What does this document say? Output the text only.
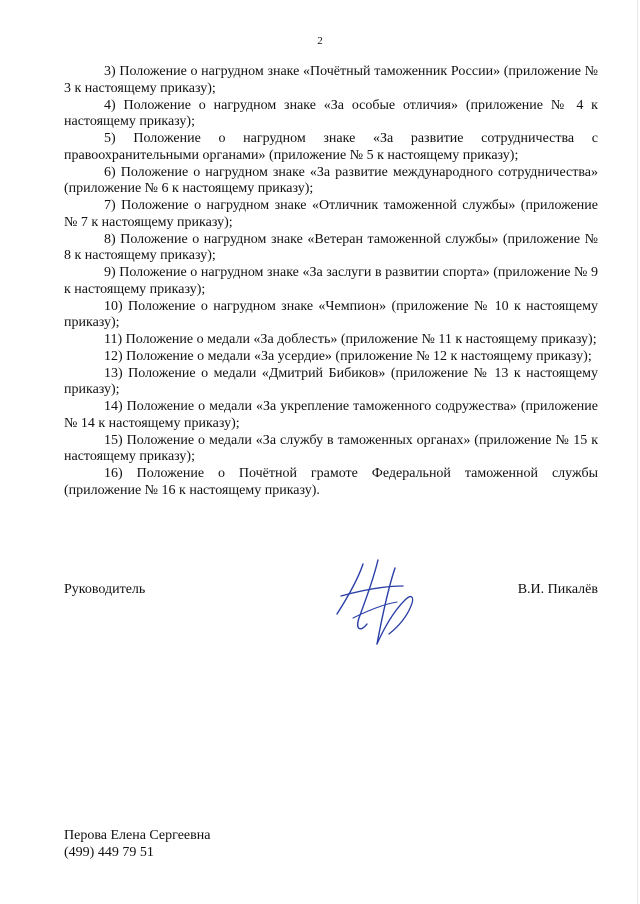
2

3) Положение о нагрудном знаке «Почётный таможенник России» (приложение № 3 к настоящему приказу);

4) Положение о нагрудном знаке «За особые отличия» (приложение № 4 к настоящему приказу);

5) Положение о нагрудном знаке «За развитие сотрудничества с правоохранительными органами» (приложение № 5 к настоящему приказу);

6) Положение о нагрудном знаке «За развитие международного сотрудничества» (приложение № 6 к настоящему приказу);

7) Положение о нагрудном знаке «Отличник таможенной службы» (приложение № 7 к настоящему приказу);

8) Положение о нагрудном знаке «Ветеран таможенной службы» (приложение № 8 к настоящему приказу);

9) Положение о нагрудном знаке «За заслуги в развитии спорта» (приложение № 9 к настоящему приказу);

10) Положение о нагрудном знаке «Чемпион» (приложение № 10 к настоящему приказу);

11) Положение о медали «За доблесть» (приложение № 11 к настоящему приказу);

12) Положение о медали «За усердие» (приложение № 12 к настоящему приказу);

13) Положение о медали «Дмитрий Бибиков» (приложение № 13 к настоящему приказу);

14) Положение о медали «За укрепление таможенного содружества» (приложение № 14 к настоящему приказу);

15) Положение о медали «За службу в таможенных органах» (приложение № 15 к настоящему приказу);

16) Положение о Почётной грамоте Федеральной таможенной службы (приложение № 16 к настоящему приказу).

Руководитель	В.И. Пикалёв
Перова Елена Сергеевна
(499) 449 79 51
